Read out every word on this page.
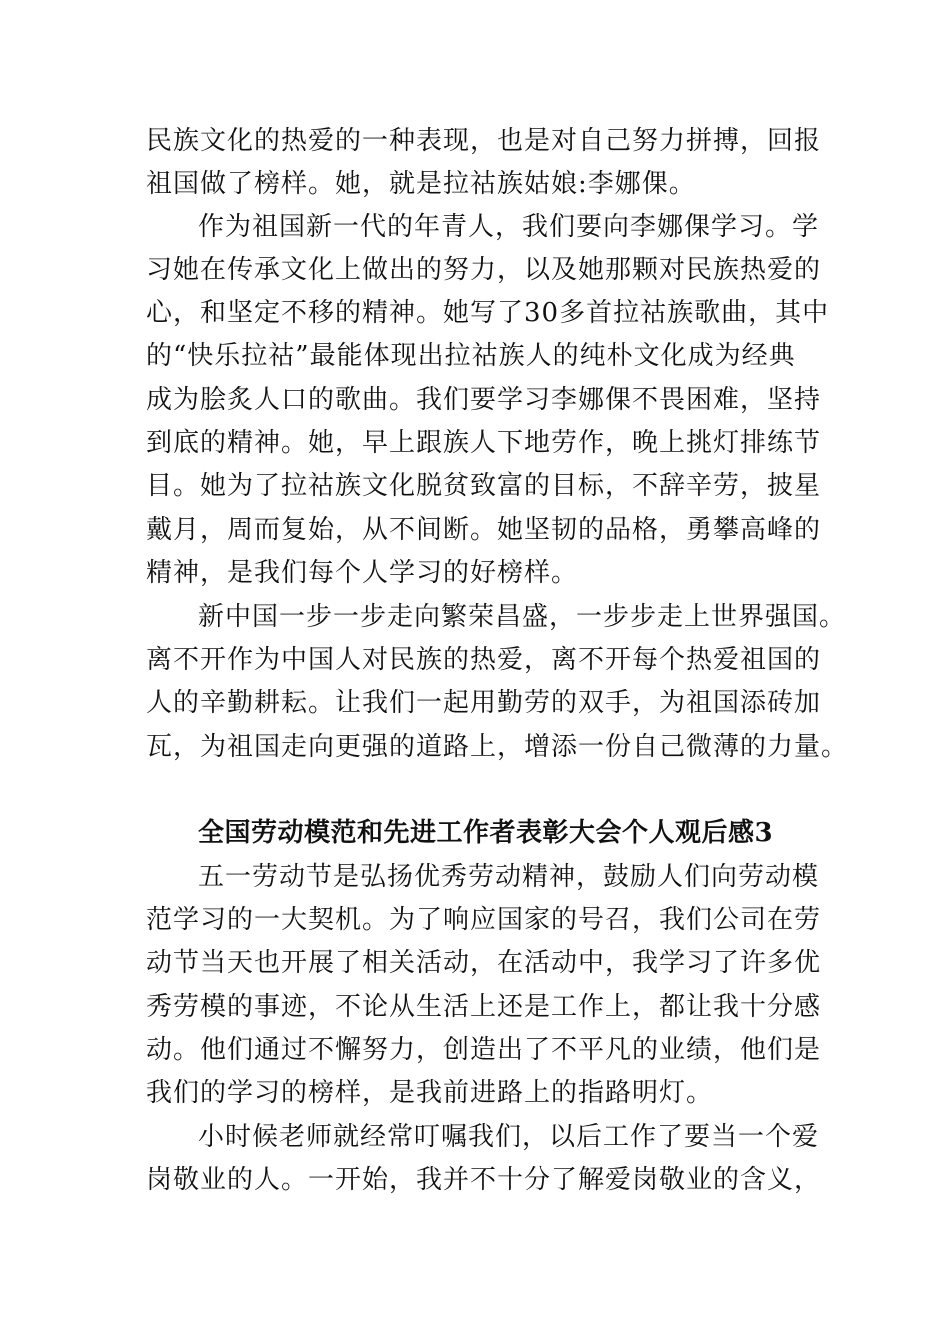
民族文化的热爱的一种表现，也是对自己努力拼搏，回报
祖国做了榜样。她，就是拉祜族姑娘:李娜倮。
作为祖国新一代的年青人，我们要向李娜倮学习。学
习她在传承文化上做出的努力，以及她那颗对民族热爱的
心，和坚定不移的精神。她写了30多首拉祜族歌曲，其中
的“快乐拉祜”最能体现出拉祜族人的纯朴文化成为经典
成为脍炙人口的歌曲。我们要学习李娜倮不畏困难，坚持
到底的精神。她，早上跟族人下地劳作，晚上挑灯排练节
目。她为了拉祜族文化脱贫致富的目标，不辞辛劳，披星
戴月，周而复始，从不间断。她坚韧的品格，勇攀高峰的
精神，是我们每个人学习的好榜样。
新中国一步一步走向繁荣昌盛，一步步走上世界强国。
离不开作为中国人对民族的热爱，离不开每个热爱祖国的
人的辛勤耕耘。让我们一起用勤劳的双手，为祖国添砖加
瓦，为祖国走向更强的道路上，增添一份自己微薄的力量。
全国劳动模范和先进工作者表彰大会个人观后感3
五一劳动节是弘扬优秀劳动精神，鼓励人们向劳动模
范学习的一大契机。为了响应国家的号召，我们公司在劳
动节当天也开展了相关活动，在活动中，我学习了许多优
秀劳模的事迹，不论从生活上还是工作上，都让我十分感
动。他们通过不懈努力，创造出了不平凡的业绩，他们是
我们的学习的榜样，是我前进路上的指路明灯。
小时候老师就经常叮嘱我们，以后工作了要当一个爱
岗敬业的人。一开始，我并不十分了解爱岗敬业的含义，
